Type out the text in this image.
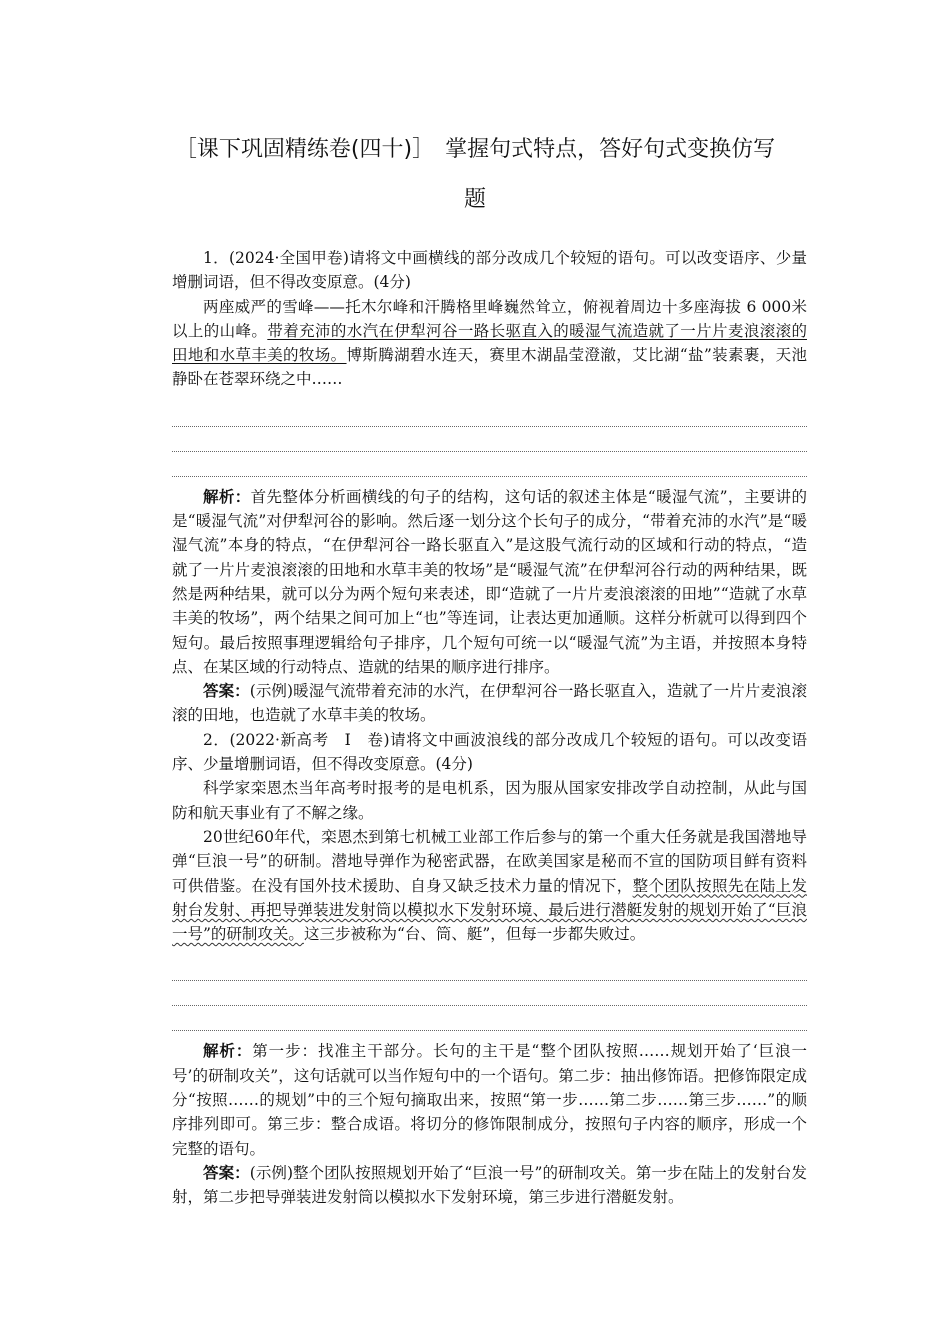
［课下巩固精练卷(四十)］　掌握句式特点，答好句式变换仿写
题

1．(2024·全国甲卷)请将文中画横线的部分改成几个较短的语句。可以改变语序、少量增删词语，但不得改变原意。(4分)

两座威严的雪峰——托木尔峰和汗腾格里峰巍然耸立，俯视着周边十多座海拔 6 000米以上的山峰。带着充沛的水汽在伊犁河谷一路长驱直入的暖湿气流造就了一片片麦浪滚滚的田地和水草丰美的牧场。博斯腾湖碧水连天，赛里木湖晶莹澄澈，艾比湖“盐”装素裹，天池静卧在苍翠环绕之中……

解析：首先整体分析画横线的句子的结构，这句话的叙述主体是“暖湿气流”，主要讲的是“暖湿气流”对伊犁河谷的影响。然后逐一划分这个长句子的成分，“带着充沛的水汽”是“暖湿气流”本身的特点，“在伊犁河谷一路长驱直入”是这股气流行动的区域和行动的特点，“造就了一片片麦浪滚滚的田地和水草丰美的牧场”是“暖湿气流”在伊犁河谷行动的两种结果，既然是两种结果，就可以分为两个短句来表述，即“造就了一片片麦浪滚滚的田地”“造就了水草丰美的牧场”，两个结果之间可加上“也”等连词，让表达更加通顺。这样分析就可以得到四个短句。最后按照事理逻辑给句子排序，几个短句可统一以“暖湿气流”为主语，并按照本身特点、在某区域的行动特点、造就的结果的顺序进行排序。

答案：(示例)暖湿气流带着充沛的水汽，在伊犁河谷一路长驱直入，造就了一片片麦浪滚滚的田地，也造就了水草丰美的牧场。

2．(2022·新高考　Ⅰ　卷)请将文中画波浪线的部分改成几个较短的语句。可以改变语序、少量增删词语，但不得改变原意。(4分)

科学家栾恩杰当年高考时报考的是电机系，因为服从国家安排改学自动控制，从此与国防和航天事业有了不解之缘。

20世纪60年代，栾恩杰到第七机械工业部工作后参与的第一个重大任务就是我国潜地导弹“巨浪一号”的研制。潜地导弹作为秘密武器，在欧美国家是秘而不宣的国防项目鲜有资料可供借鉴。在没有国外技术援助、自身又缺乏技术力量的情况下，整个团队按照先在陆上发射台发射、再把导弹装进发射筒以模拟水下发射环境、最后进行潜艇发射的规划开始了“巨浪一号”的研制攻关。这三步被称为“台、筒、艇”，但每一步都失败过。

解析：第一步：找准主干部分。长句的主干是“整个团队按照……规划开始了‘巨浪一号’的研制攻关”，这句话就可以当作短句中的一个语句。第二步：抽出修饰语。把修饰限定成分“按照……的规划”中的三个短句摘取出来，按照“第一步……第二步……第三步……”的顺序排列即可。第三步：整合成语。将切分的修饰限制成分，按照句子内容的顺序，形成一个完整的语句。

答案：(示例)整个团队按照规划开始了“巨浪一号”的研制攻关。第一步在陆上的发射台发射，第二步把导弹装进发射筒以模拟水下发射环境，第三步进行潜艇发射。
